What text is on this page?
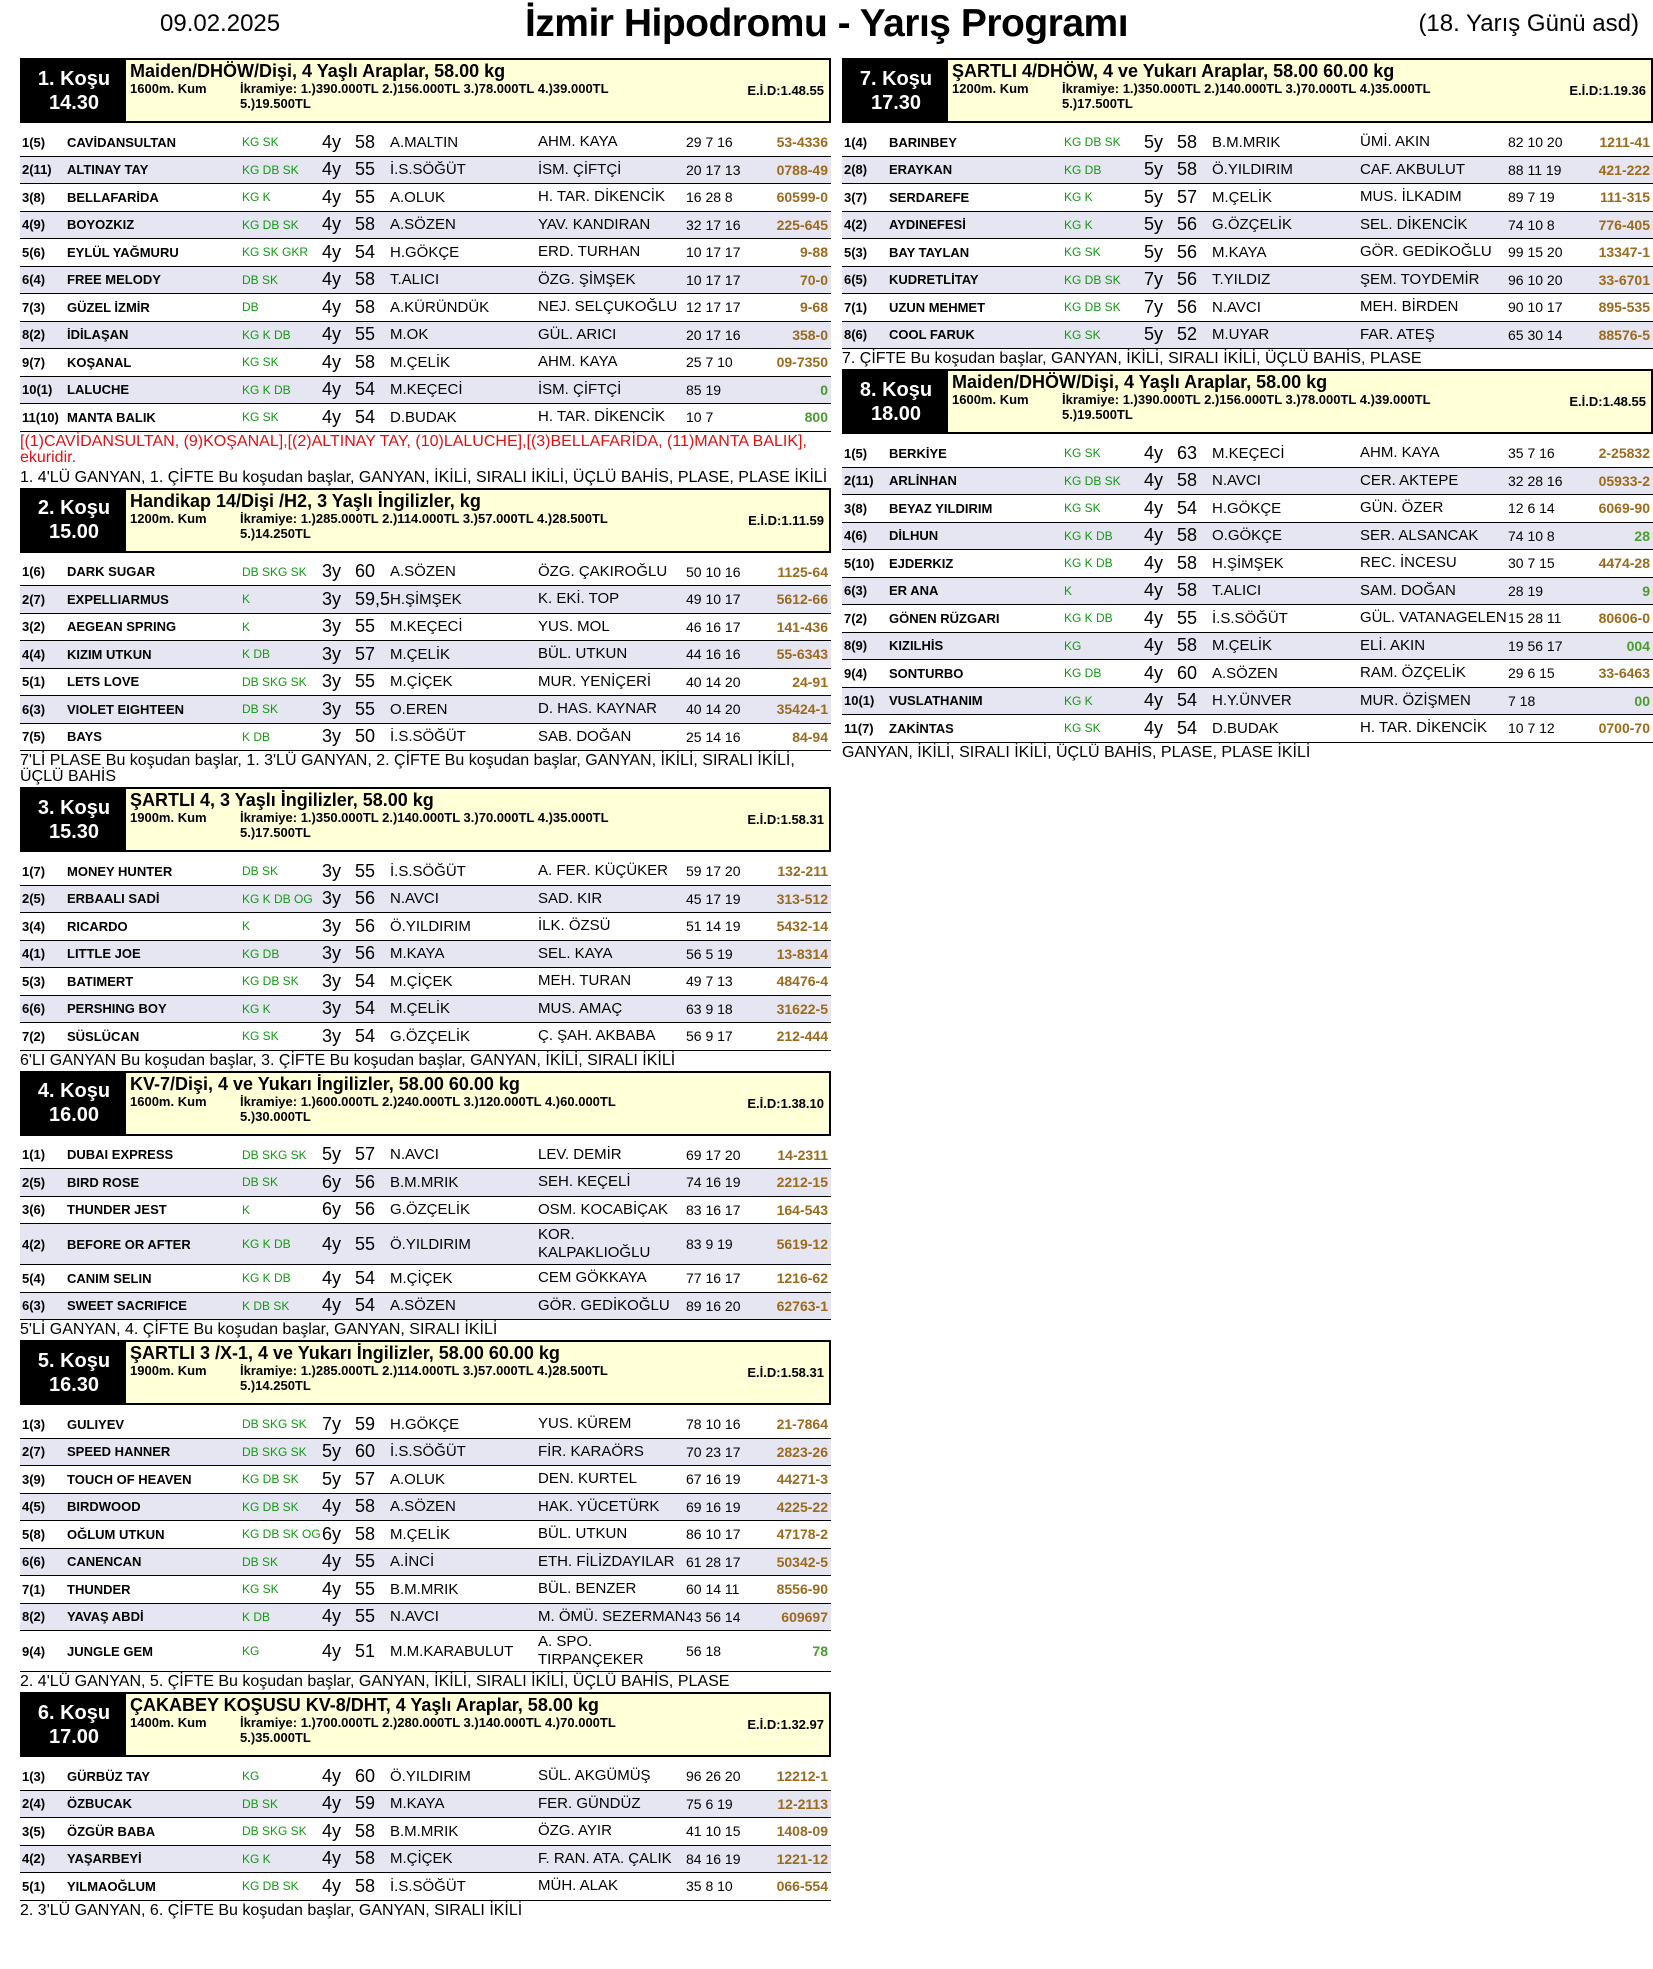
09.02.2025	İzmir Hipodromu - Yarış Programı	(18. Yarış Günü asd)
1. Koşu
14.30
Maiden/DHÖW/Dişi, 4 Yaşlı Araplar, 58.00 kg
1600m. Kum	İkramiye: 1.)390.000TL 2.)156.000TL 3.)78.000TL 4.)39.000TL
5.)19.500TL
E.İ.D:1.48.55
1(5)	CAVİDANSULTAN	KG SK	4y 58 A.MALTIN	AHM. KAYA	29 7 16	53-4336
2(11)	ALTINAY TAY	KG DB SK	4y 55 İ.S.SÖĞÜT	İSM. ÇİFTÇİ	20 17 13	0788-49
3(8)	BELLAFARİDA	KG K	4y 55 A.OLUK	H. TAR. DİKENCİK	16 28 8	60599-0
4(9)	BOYOZKIZ	KG DB SK	4y 58 A.SÖZEN	YAV. KANDIRAN	32 17 16	225-645
5(6)	EYLÜL YAĞMURU	KG SK GKR 4y 54 H.GÖKÇE	ERD. TURHAN	10 17 17	9-88
6(4)	FREE MELODY	DB SK	4y 58 T.ALICI	ÖZG. ŞİMŞEK	10 17 17	70-0
7(3)	GÜZEL İZMİR	DB	4y 58 A.KÜRÜNDÜK	NEJ. SELÇUKOĞLU 12 17 17	9-68
8(2)	İDİLAŞAN	KG K DB	4y 55 M.OK	GÜL. ARICI	20 17 16	358-0
9(7)	KOŞANAL	KG SK	4y 58 M.ÇELİK	AHM. KAYA	25 7 10	09-7350
10(1)	LALUCHE	KG K DB	4y 54 M.KEÇECİ	İSM. ÇİFTÇİ	85 19	0
11(10) MANTA BALIK	KG SK	4y 54 D.BUDAK	H. TAR. DİKENCİK	10 7	800
[(1)CAVİDANSULTAN, (9)KOŞANAL],[(2)ALTINAY TAY, (10)LALUCHE],[(3)BELLAFARİDA, (11)MANTA BALIK], ekuridir.
1. 4'LÜ GANYAN, 1. ÇİFTE Bu koşudan başlar, GANYAN, İKİLİ, SIRALI İKİLİ, ÜÇLÜ BAHİS, PLASE, PLASE İKİLİ
2. Koşu
15.00
Handikap 14/Dişi /H2, 3 Yaşlı İngilizler, kg
1200m. Kum	İkramiye: 1.)285.000TL 2.)114.000TL 3.)57.000TL 4.)28.500TL
5.)14.250TL
E.İ.D:1.11.59
1(6)	DARK SUGAR	DB SKG SK 3y 60 A.SÖZEN	ÖZG. ÇAKIROĞLU	50 10 16	1125-64
2(7)	EXPELLIARMUS	K	3y 59,5 H.ŞİMŞEK	K. EKİ. TOP	49 10 17	5612-66
3(2)	AEGEAN SPRING	K	3y 55 M.KEÇECİ	YUS. MOL	46 16 17	141-436
4(4)	KIZIM UTKUN	K DB	3y 57 M.ÇELİK	BÜL. UTKUN	44 16 16	55-6343
5(1)	LETS LOVE	DB SKG SK 3y 55 M.ÇİÇEK	MUR. YENİÇERİ	40 14 20	24-91
6(3)	VIOLET EIGHTEEN	DB SK	3y 55 O.EREN	D. HAS. KAYNAR	40 14 20	35424-1
7(5)	BAYS	K DB	3y 50 İ.S.SÖĞÜT	SAB. DOĞAN	25 14 16	84-94
7'Lİ PLASE Bu koşudan başlar, 1. 3'LÜ GANYAN, 2. ÇİFTE Bu koşudan başlar, GANYAN, İKİLİ, SIRALI İKİLİ, ÜÇLÜ BAHİS
3. Koşu
15.30
ŞARTLI 4, 3 Yaşlı İngilizler, 58.00 kg
1900m. Kum	İkramiye: 1.)350.000TL 2.)140.000TL 3.)70.000TL 4.)35.000TL
5.)17.500TL
E.İ.D:1.58.31
1(7)	MONEY HUNTER	DB SK	3y 55 İ.S.SÖĞÜT	A. FER. KÜÇÜKER	59 17 20	132-211
2(5)	ERBAALI SADİ	KG K DB OG 3y 56 N.AVCI	SAD. KIR	45 17 19	313-512
3(4)	RICARDO	K	3y 56 Ö.YILDIRIM	İLK. ÖZSÜ	51 14 19	5432-14
4(1)	LITTLE JOE	KG DB	3y 56 M.KAYA	SEL. KAYA	56 5 19	13-8314
5(3)	BATIMERT	KG DB SK	3y 54 M.ÇİÇEK	MEH. TURAN	49 7 13	48476-4
6(6)	PERSHING BOY	KG K	3y 54 M.ÇELİK	MUS. AMAÇ	63 9 18	31622-5
7(2)	SÜSLÜCAN	KG SK	3y 54 G.ÖZÇELİK	Ç. ŞAH. AKBABA	56 9 17	212-444
6'LI GANYAN Bu koşudan başlar, 3. ÇİFTE Bu koşudan başlar, GANYAN, İKİLİ, SIRALI İKİLİ
4. Koşu
16.00
KV-7/Dişi, 4 ve Yukarı İngilizler, 58.00 60.00 kg
1600m. Kum	İkramiye: 1.)600.000TL 2.)240.000TL 3.)120.000TL 4.)60.000TL
5.)30.000TL
E.İ.D:1.38.10
1(1)	DUBAI EXPRESS	DB SKG SK 5y 57 N.AVCI	LEV. DEMİR	69 17 20	14-2311
2(5)	BIRD ROSE	DB SK	6y 56 B.M.MRIK	SEH. KEÇELİ	74 16 19	2212-15
3(6)	THUNDER JEST	K	6y 56 G.ÖZÇELİK	OSM. KOCABİÇAK	83 16 17	164-543
4(2)	BEFORE OR AFTER	KG K DB	4y 55 Ö.YILDIRIM
KOR. KALPAKLIOĞLU	83 9 19	5619-12
5(4)	CANIM SELIN	KG K DB	4y 54 M.ÇİÇEK	CEM GÖKKAYA	77 16 17	1216-62
6(3)	SWEET SACRIFICE	K DB SK	4y 54 A.SÖZEN	GÖR. GEDİKOĞLU	89 16 20	62763-1
5'Lİ GANYAN, 4. ÇİFTE Bu koşudan başlar, GANYAN, SIRALI İKİLİ
5. Koşu
16.30
ŞARTLI 3 /X-1, 4 ve Yukarı İngilizler, 58.00 60.00 kg
1900m. Kum	İkramiye: 1.)285.000TL 2.)114.000TL 3.)57.000TL 4.)28.500TL
5.)14.250TL
E.İ.D:1.58.31
1(3)	GULIYEV	DB SKG SK 7y 59 H.GÖKÇE	YUS. KÜREM	78 10 16	21-7864
2(7)	SPEED HANNER	DB SKG SK 5y 60 İ.S.SÖĞÜT	FİR. KARAÖRS	70 23 17	2823-26
3(9)	TOUCH OF HEAVEN	KG DB SK	5y 57 A.OLUK	DEN. KURTEL	67 16 19	44271-3
4(5)	BIRDWOOD	KG DB SK	4y 58 A.SÖZEN	HAK. YÜCETÜRK	69 16 19	4225-22
5(8)	OĞLUM UTKUN	KG DB SK OG 6y 58 M.ÇELİK	BÜL. UTKUN	86 10 17	47178-2
6(6)	CANENCAN	DB SK	4y 55 A.İNCİ	ETH. FİLİZDAYILAR 61 28 17	50342-5
7(1)	THUNDER	KG SK	4y 55 B.M.MRIK	BÜL. BENZER	60 14 11	8556-90
8(2)	YAVAŞ ABDİ	K DB	4y 55 N.AVCI	M. ÖMÜ. SEZERMAN 43 56 14	609697
9(4)	JUNGLE GEM	KG	4y 51 M.M.KARABULUT
A. SPO. TIRPANÇEKER	56 18	78
2. 4'LÜ GANYAN, 5. ÇİFTE Bu koşudan başlar, GANYAN, İKİLİ, SIRALI İKİLİ, ÜÇLÜ BAHİS, PLASE
6. Koşu
17.00
ÇAKABEY KOŞUSU KV-8/DHT, 4 Yaşlı Araplar, 58.00 kg
1400m. Kum	İkramiye: 1.)700.000TL 2.)280.000TL 3.)140.000TL 4.)70.000TL
5.)35.000TL
E.İ.D:1.32.97
1(3)	GÜRBÜZ TAY	KG	4y 60 Ö.YILDIRIM	SÜL. AKGÜMÜŞ	96 26 20	12212-1
2(4)	ÖZBUCAK	DB SK	4y 59 M.KAYA	FER. GÜNDÜZ	75 6 19	12-2113
3(5)	ÖZGÜR BABA	DB SKG SK 4y 58 B.M.MRIK	ÖZG. AYIR	41 10 15	1408-09
4(2)	YAŞARBEYİ	KG K	4y 58 M.ÇİÇEK	F. RAN. ATA. ÇALIK	84 16 19	1221-12
5(1)	YILMAOĞLUM	KG DB SK	4y 58 İ.S.SÖĞÜT	MÜH. ALAK	35 8 10	066-554
2. 3'LÜ GANYAN, 6. ÇİFTE Bu koşudan başlar, GANYAN, SIRALI İKİLİ
7. Koşu
17.30
ŞARTLI 4/DHÖW, 4 ve Yukarı Araplar, 58.00 60.00 kg
1200m. Kum	İkramiye: 1.)350.000TL 2.)140.000TL 3.)70.000TL 4.)35.000TL
5.)17.500TL
E.İ.D:1.19.36
1(4)	BARINBEY	KG DB SK	5y 58 B.M.MRIK	ÜMİ. AKIN	82 10 20	1211-41
2(8)	ERAYKAN	KG DB	5y 58 Ö.YILDIRIM	CAF. AKBULUT	88 11 19	421-222
3(7)	SERDAREFE	KG K	5y 57 M.ÇELİK	MUS. İLKADIM	89 7 19	111-315
4(2)	AYDINEFESİ	KG K	5y 56 G.ÖZÇELİK	SEL. DİKENCİK	74 10 8	776-405
5(3)	BAY TAYLAN	KG SK	5y 56 M.KAYA	GÖR. GEDİKOĞLU	99 15 20	13347-1
6(5)	KUDRETLİTAY	KG DB SK	7y 56 T.YILDIZ	ŞEM. TOYDEMİR	96 10 20	33-6701
7(1)	UZUN MEHMET	KG DB SK	7y 56 N.AVCI	MEH. BİRDEN	90 10 17	895-535
8(6)	COOL FARUK	KG SK	5y 52 M.UYAR	FAR. ATEŞ	65 30 14	88576-5
7. ÇİFTE Bu koşudan başlar, GANYAN, İKİLİ, SIRALI İKİLİ, ÜÇLÜ BAHİS, PLASE
8. Koşu
18.00
Maiden/DHÖW/Dişi, 4 Yaşlı Araplar, 58.00 kg
1600m. Kum	İkramiye: 1.)390.000TL 2.)156.000TL 3.)78.000TL 4.)39.000TL
5.)19.500TL
E.İ.D:1.48.55
1(5)	BERKİYE	KG SK	4y 63 M.KEÇECİ	AHM. KAYA	35 7 16	2-25832
2(11)	ARLİNHAN	KG DB SK	4y 58 N.AVCI	CER. AKTEPE	32 28 16	05933-2
3(8)	BEYAZ YILDIRIM	KG SK	4y 54 H.GÖKÇE	GÜN. ÖZER	12 6 14	6069-90
4(6)	DİLHUN	KG K DB	4y 58 O.GÖKÇE	SER. ALSANCAK	74 10 8	28
5(10)	EJDERKIZ	KG K DB	4y 58 H.ŞİMŞEK	REC. İNCESU	30 7 15	4474-28
6(3)	ER ANA	K	4y 58 T.ALICI	SAM. DOĞAN	28 19	9
7(2)	GÖNEN RÜZGARI	KG K DB	4y 55 İ.S.SÖĞÜT	GÜL. VATANAGELEN 15 28 11	80606-0
8(9)	KIZILHİS	KG	4y 58 M.ÇELİK	ELİ. AKIN	19 56 17	004
9(4)	SONTURBO	KG DB	4y 60 A.SÖZEN	RAM. ÖZÇELİK	29 6 15	33-6463
10(1)	VUSLATHANIM	KG K	4y 54 H.Y.ÜNVER	MUR. ÖZİŞMEN	7 18	00
11(7)	ZAKİNTAS	KG SK	4y 54 D.BUDAK	H. TAR. DİKENCİK	10 7 12	0700-70
GANYAN, İKİLİ, SIRALI İKİLİ, ÜÇLÜ BAHİS, PLASE, PLASE İKİLİ
